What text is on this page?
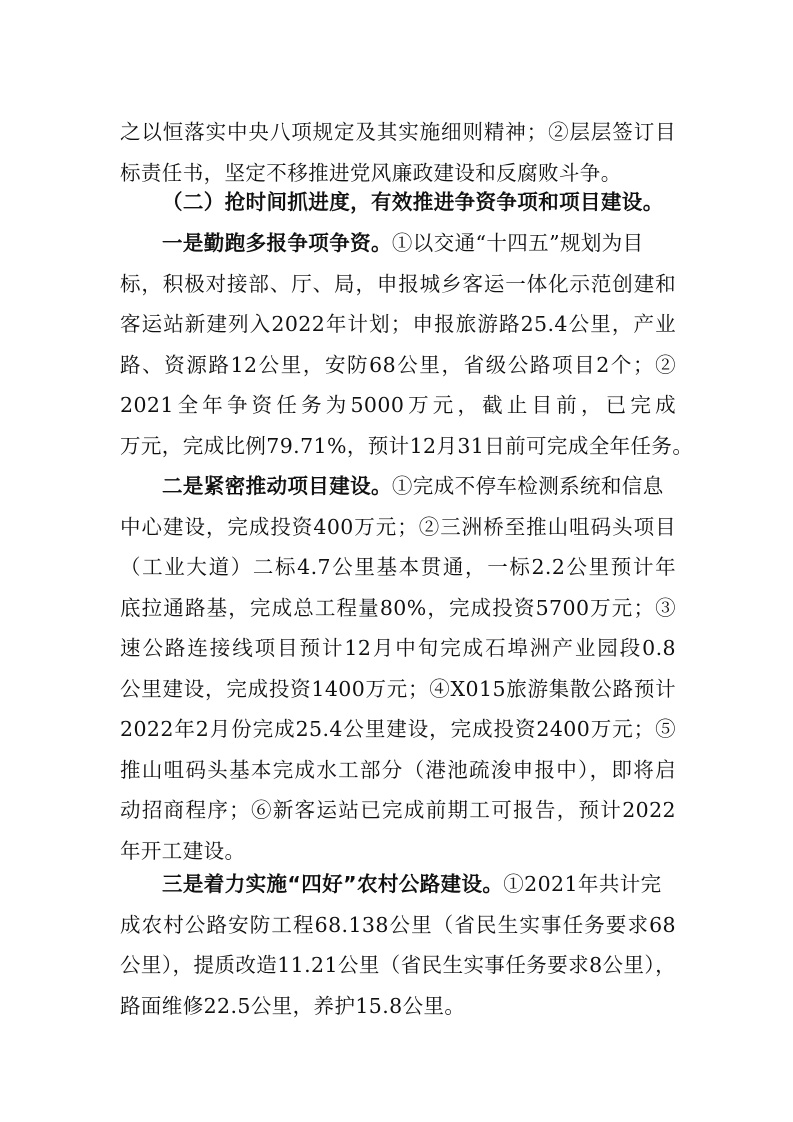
之以恒落实中央八项规定及其实施细则精神；②层层签订目
标责任书，坚定不移推进党风廉政建设和反腐败斗争。
（二）抢时间抓进度，有效推进争资争项和项目建设。
一是勤跑多报争项争资。①以交通“十四五”规划为目
标，积极对接部、厅、局，申报城乡客运一体化示范创建和
客运站新建列入2022年计划；申报旅游路25.4公里，产业
路、资源路12公里，安防68公里，省级公路项目2个；②
2021全年争资任务为5000万元，截止目前，已完成
万元，完成比例79.71%，预计12月31日前可完成全年任务。
二是紧密推动项目建设。①完成不停车检测系统和信息
中心建设，完成投资400万元；②三洲桥至推山咀码头项目
（工业大道）二标4.7公里基本贯通，一标2.2公里预计年
底拉通路基，完成总工程量80%，完成投资5700万元；③
速公路连接线项目预计12月中旬完成石埠洲产业园段0.8
公里建设，完成投资1400万元；④X015旅游集散公路预计
2022年2月份完成25.4公里建设，完成投资2400万元；⑤
推山咀码头基本完成水工部分（港池疏浚申报中），即将启
动招商程序；⑥新客运站已完成前期工可报告，预计2022
年开工建设。
三是着力实施“四好”农村公路建设。①2021年共计完
成农村公路安防工程68.138公里（省民生实事任务要求68
公里），提质改造11.21公里（省民生实事任务要求8公里），
路面维修22.5公里，养护15.8公里。
